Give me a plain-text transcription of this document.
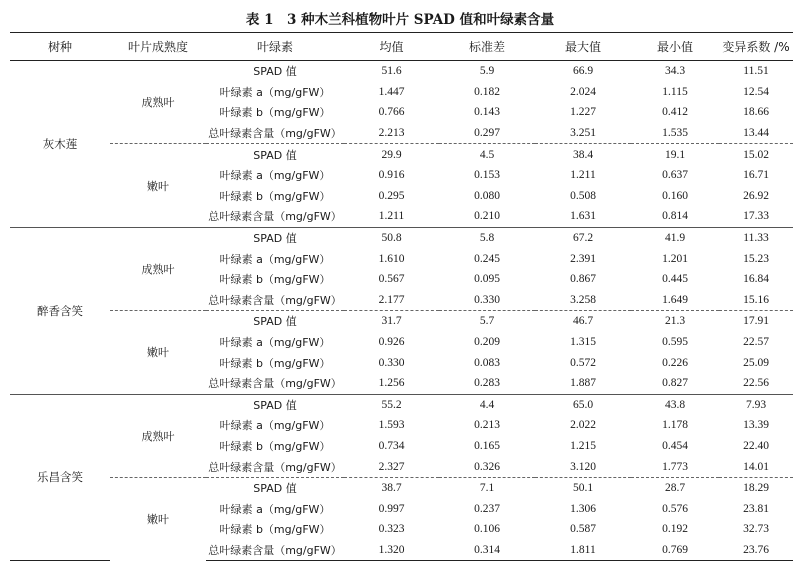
表 1　3 种木兰科植物叶片 SPAD 值和叶绿素含量
树种	叶片成熟度	叶绿素	均值	标准差	最大值	最小值	变异系数 /%
灰木莲	成熟叶	SPAD 值	51.6	5.9	66.9	34.3	11.51
		叶绿素 a（mg/gFW）	1.447	0.182	2.024	1.115	12.54
		叶绿素 b（mg/gFW）	0.766	0.143	1.227	0.412	18.66
		总叶绿素含量（mg/gFW）	2.213	0.297	3.251	1.535	13.44
	嫩叶	SPAD 值	29.9	4.5	38.4	19.1	15.02
		叶绿素 a（mg/gFW）	0.916	0.153	1.211	0.637	16.71
		叶绿素 b（mg/gFW）	0.295	0.080	0.508	0.160	26.92
		总叶绿素含量（mg/gFW）	1.211	0.210	1.631	0.814	17.33
醉香含笑	成熟叶	SPAD 值	50.8	5.8	67.2	41.9	11.33
		叶绿素 a（mg/gFW）	1.610	0.245	2.391	1.201	15.23
		叶绿素 b（mg/gFW）	0.567	0.095	0.867	0.445	16.84
		总叶绿素含量（mg/gFW）	2.177	0.330	3.258	1.649	15.16
	嫩叶	SPAD 值	31.7	5.7	46.7	21.3	17.91
		叶绿素 a（mg/gFW）	0.926	0.209	1.315	0.595	22.57
		叶绿素 b（mg/gFW）	0.330	0.083	0.572	0.226	25.09
		总叶绿素含量（mg/gFW）	1.256	0.283	1.887	0.827	22.56
乐昌含笑	成熟叶	SPAD 值	55.2	4.4	65.0	43.8	7.93
		叶绿素 a（mg/gFW）	1.593	0.213	2.022	1.178	13.39
		叶绿素 b（mg/gFW）	0.734	0.165	1.215	0.454	22.40
		总叶绿素含量（mg/gFW）	2.327	0.326	3.120	1.773	14.01
	嫩叶	SPAD 值	38.7	7.1	50.1	28.7	18.29
		叶绿素 a（mg/gFW）	0.997	0.237	1.306	0.576	23.81
		叶绿素 b（mg/gFW）	0.323	0.106	0.587	0.192	32.73
		总叶绿素含量（mg/gFW）	1.320	0.314	1.811	0.769	23.76
